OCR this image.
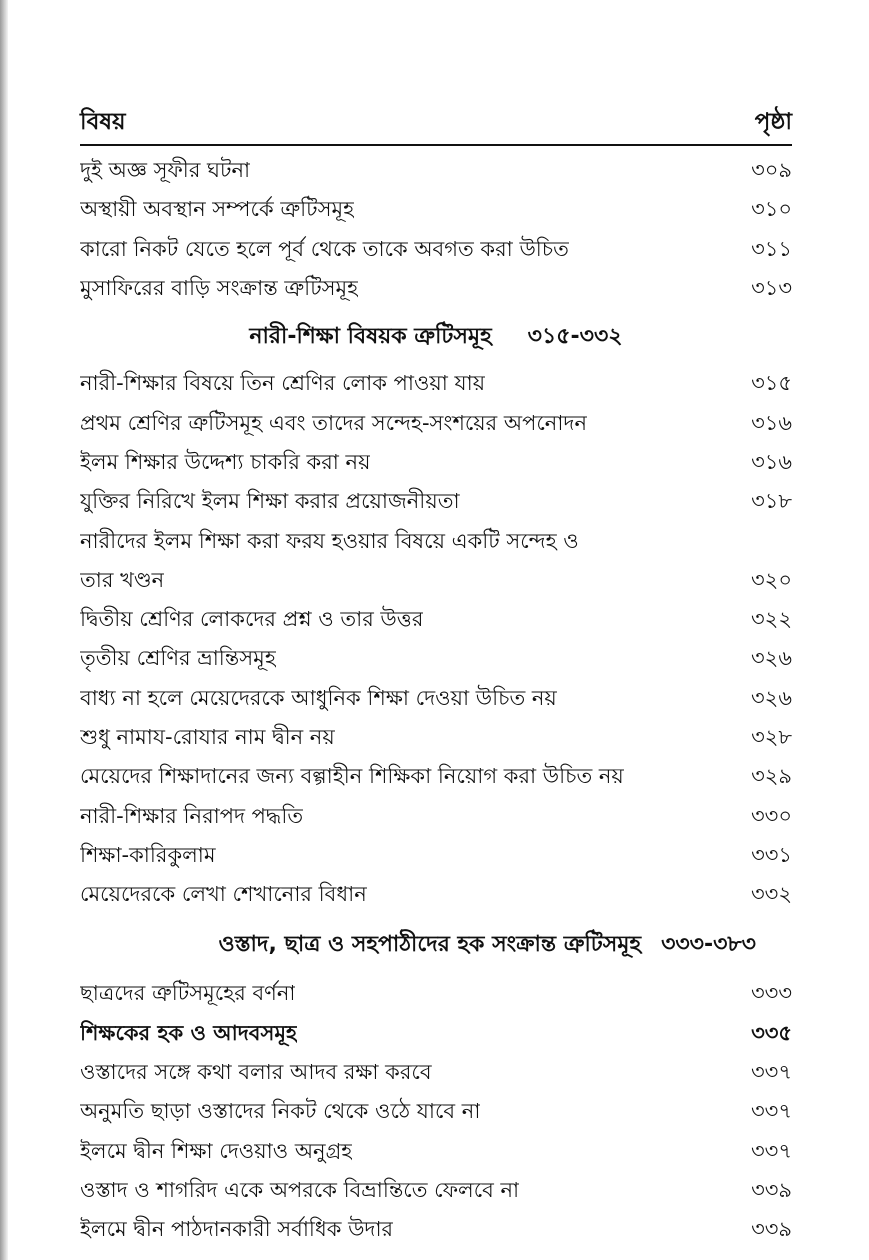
বিষয়	পৃষ্ঠা
দুই অজ্ঞ সূফীর ঘটনা	৩০৯
অস্থায়ী অবস্থান সম্পর্কে ত্রুটিসমূহ	৩১০
কারো নিকট যেতে হলে পূর্ব থেকে তাকে অবগত করা উচিত	৩১১
মুসাফিরের বাড়ি সংক্রান্ত ত্রুটিসমূহ	৩১৩
নারী-শিক্ষা বিষয়ক ত্রুটিসমূহ	৩১৫-৩৩২
নারী-শিক্ষার বিষয়ে তিন শ্রেণির লোক পাওয়া যায়	৩১৫
প্রথম শ্রেণির ত্রুটিসমূহ এবং তাদের সন্দেহ-সংশয়ের অপনোদন	৩১৬
ইলম শিক্ষার উদ্দেশ্য চাকরি করা নয়	৩১৬
যুক্তির নিরিখে ইলম শিক্ষা করার প্রয়োজনীয়তা	৩১৮
নারীদের ইলম শিক্ষা করা ফরয হওয়ার বিষয়ে একটি সন্দেহ ও
তার খণ্ডন	৩২০
দ্বিতীয় শ্রেণির লোকদের প্রশ্ন ও তার উত্তর	৩২২
তৃতীয় শ্রেণির ভ্রান্তিসমূহ	৩২৬
বাধ্য না হলে মেয়েদেরকে আধুনিক শিক্ষা দেওয়া উচিত নয়	৩২৬
শুধু নামায-রোযার নাম দ্বীন নয়	৩২৮
মেয়েদের শিক্ষাদানের জন্য বল্গাহীন শিক্ষিকা নিয়োগ করা উচিত নয়	৩২৯
নারী-শিক্ষার নিরাপদ পদ্ধতি	৩৩০
শিক্ষা-কারিকুলাম	৩৩১
মেয়েদেরকে লেখা শেখানোর বিধান	৩৩২
ওস্তাদ, ছাত্র ও সহপাঠীদের হক সংক্রান্ত ত্রুটিসমূহ ৩৩৩-৩৮৩
ছাত্রদের ত্রুটিসমূহের বর্ণনা	৩৩৩
শিক্ষকের হক ও আদবসমূহ	৩৩৫
ওস্তাদের সঙ্গে কথা বলার আদব রক্ষা করবে	৩৩৭
অনুমতি ছাড়া ওস্তাদের নিকট থেকে ওঠে যাবে না	৩৩৭
ইলমে দ্বীন শিক্ষা দেওয়াও অনুগ্রহ	৩৩৭
ওস্তাদ ও শাগরিদ একে অপরকে বিভ্রান্তিতে ফেলবে না	৩৩৯
ইলমে দ্বীন পাঠদানকারী সর্বাধিক উদার	৩৩৯
